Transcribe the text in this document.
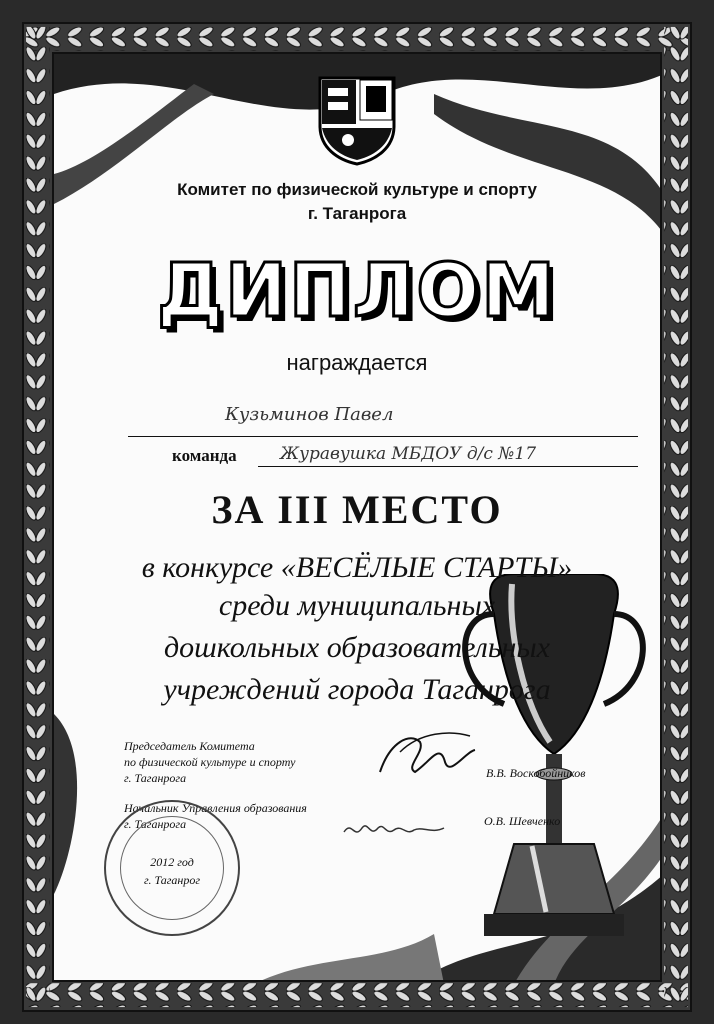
Комитет по физической культуре и спорту
г. Таганрога
ДИПЛОМ
награждается
Кузьминов Павел
команда	Журавушка МБДОУ д/с №17
ЗА III МЕСТО
в конкурсе «ВЕСЁЛЫЕ СТАРТЫ»
среди муниципальных
дошкольных образовательных
учреждений города Таганрога
Председатель Комитета
по физической культуре и спорту
г. Таганрога	В.В. Воскобойников
Начальник Управления образования
г. Таганрога	О.В. Шевченко
2012 год
г. Таганрог
